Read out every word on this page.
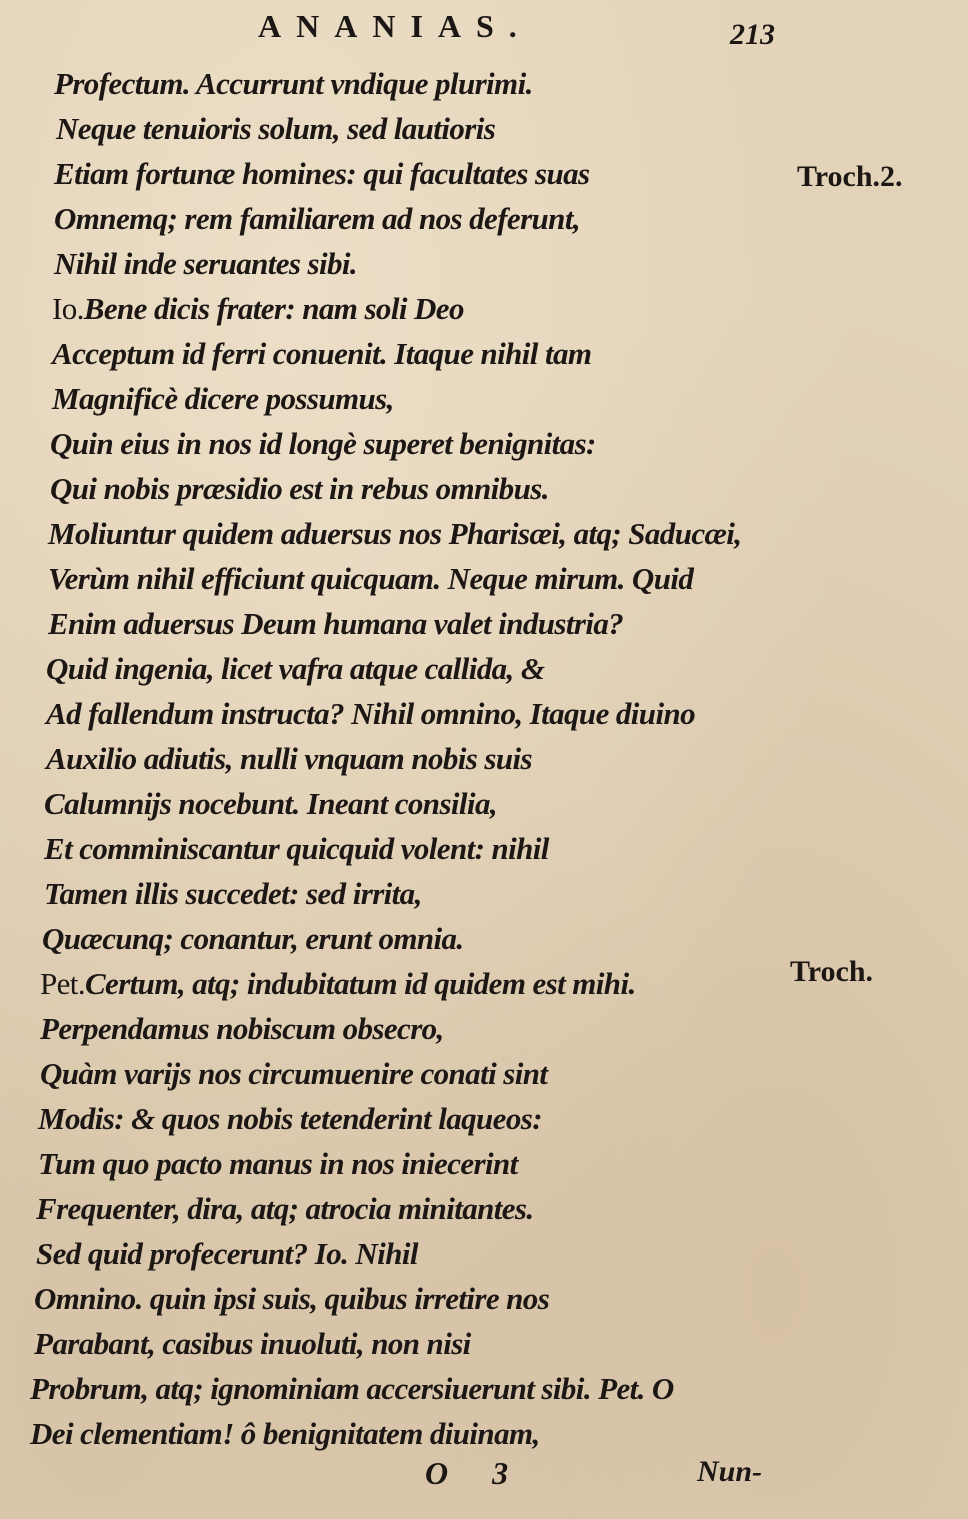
ANANIAS.	213
Profectum. Accurrunt vndique plurimi.
Neque tenuioris solum, sed lautioris
Etiam fortunæ homines: qui facultates suas
Omnemq; rem familiarem ad nos deferunt,
Nihil inde seruantes sibi.
Io.Bene dicis frater: nam soli Deo
Acceptum id ferri conuenit. Itaque nihil tam
Magnificè dicere possumus,
Quin eius in nos id longè superet benignitas:
Qui nobis præsidio est in rebus omnibus.
Moliuntur quidem aduersus nos Pharisæi, atq; Saducæi,
Verùm nihil efficiunt quicquam. Neque mirum. Quid
Enim aduersus Deum humana valet industria?
Quid ingenia, licet vafra atque callida, &
Ad fallendum instructa? Nihil omnino, Itaque diuino
Auxilio adiutis, nulli vnquam nobis suis
Calumnijs nocebunt. Ineant consilia,
Et comminiscantur quicquid volent: nihil
Tamen illis succedet: sed irrita,
Quæcunq; conantur, erunt omnia.
Pet.Certum, atq; indubitatum id quidem est mihi.
Perpendamus nobiscum obsecro,
Quàm varijs nos circumuenire conati sint
Modis: & quos nobis tetenderint laqueos:
Tum quo pacto manus in nos iniecerint
Frequenter, dira, atq; atrocia minitantes.
Sed quid profecerunt? Io. Nihil
Omnino. quin ipsi suis, quibus irretire nos
Parabant, casibus inuoluti, non nisi
Probrum, atq; ignominiam accersiuerunt sibi. Pet. O
Dei clementiam! ô benignitatem diuinam,
Troch.2.
Troch.
O 3	Nun-
